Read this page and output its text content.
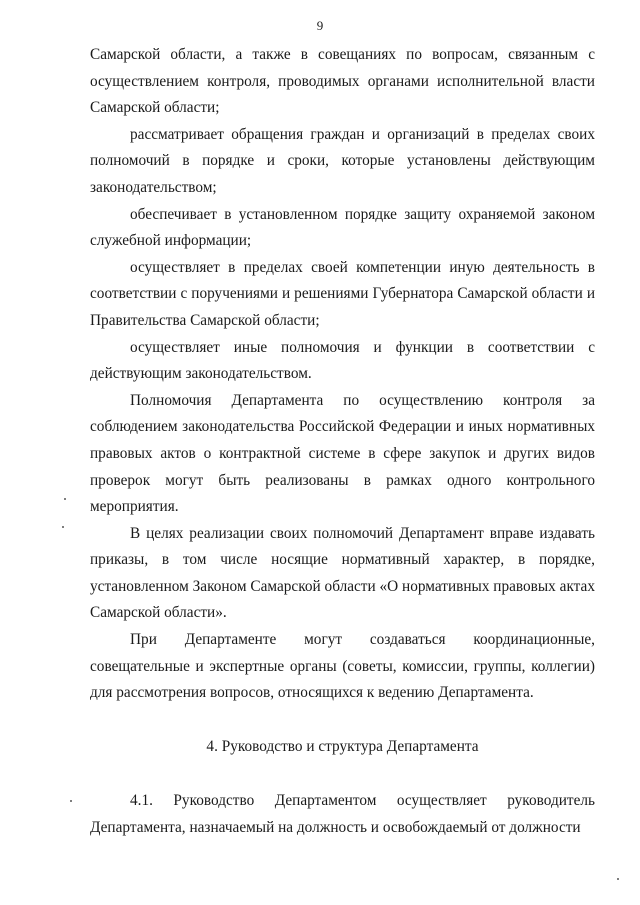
9

Самарской области, а также в совещаниях по вопросам, связанным с осуществлением контроля, проводимых органами исполнительной власти Самарской области;

рассматривает обращения граждан и организаций в пределах своих полномочий в порядке и сроки, которые установлены действующим законодательством;

обеспечивает в установленном порядке защиту охраняемой законом служебной информации;

осуществляет в пределах своей компетенции иную деятельность в соответствии с поручениями и решениями Губернатора Самарской области и Правительства Самарской области;

осуществляет иные полномочия и функции в соответствии с действующим законодательством.

Полномочия Департамента по осуществлению контроля за соблюдением законодательства Российской Федерации и иных нормативных правовых актов о контрактной системе в сфере закупок и других видов проверок могут быть реализованы в рамках одного контрольного мероприятия.

В целях реализации своих полномочий Департамент вправе издавать приказы, в том числе носящие нормативный характер, в порядке, установленном Законом Самарской области «О нормативных правовых актах Самарской области».

При Департаменте могут создаваться координационные, совещательные и экспертные органы (советы, комиссии, группы, коллегии) для рассмотрения вопросов, относящихся к ведению Департамента.

4. Руководство и структура Департамента

4.1. Руководство Департаментом осуществляет руководитель Департамента, назначаемый на должность и освобождаемый от должности
